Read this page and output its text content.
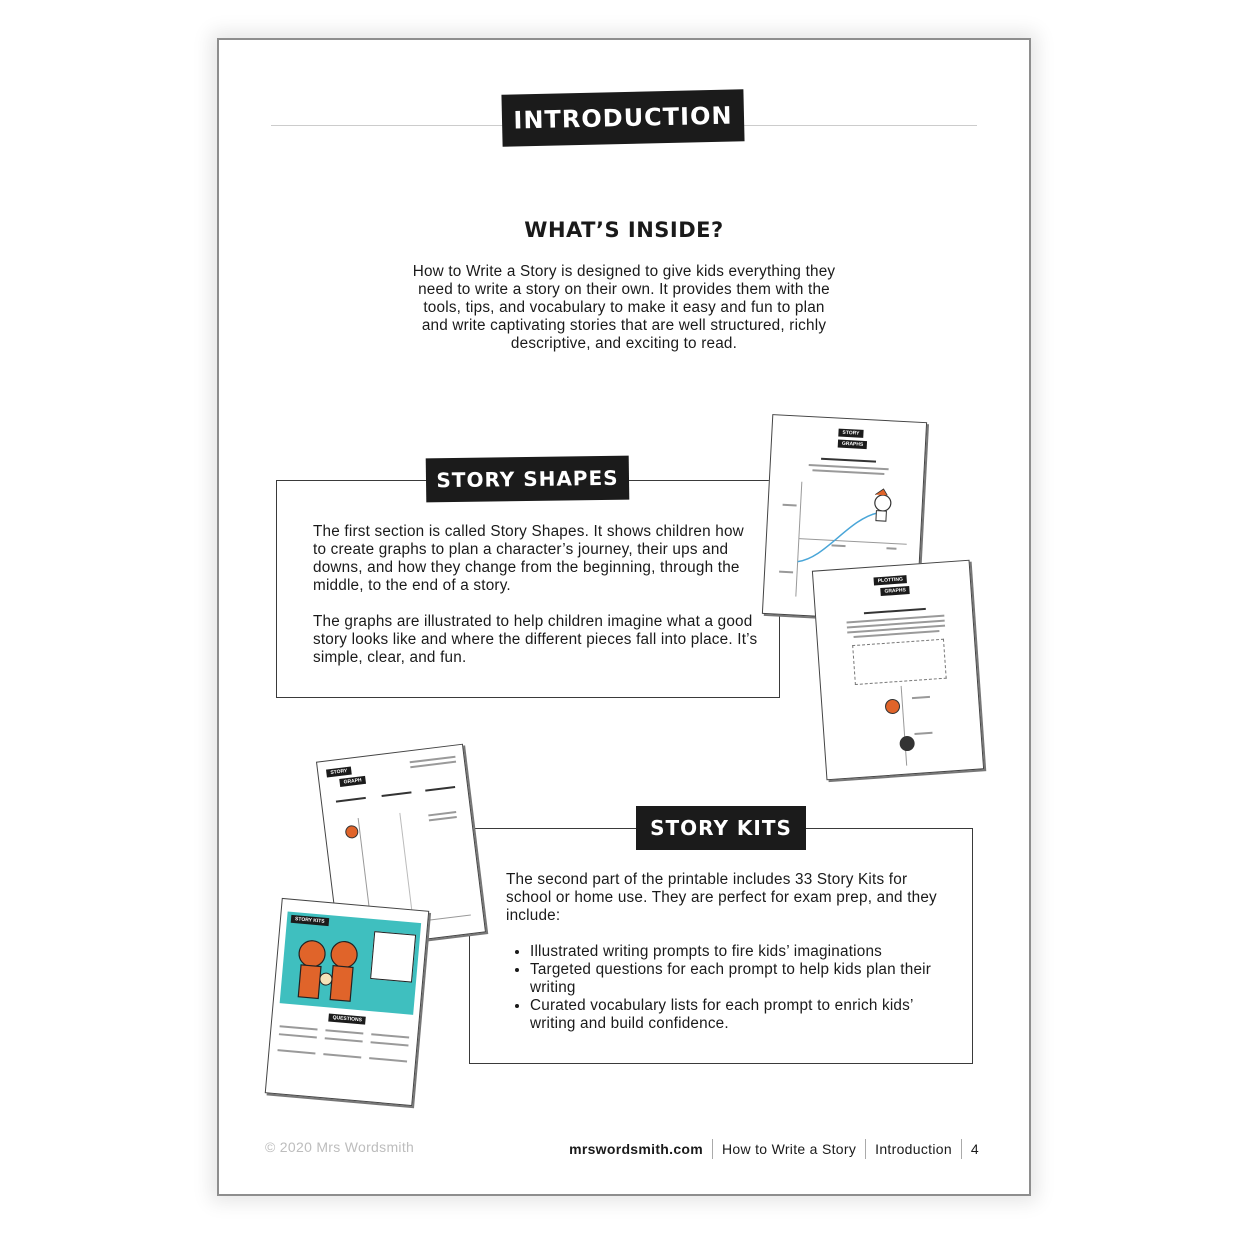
INTRODUCTION
WHAT’S INSIDE?

How to Write a Story is designed to give kids everything they need to write a story on their own. It provides them with the tools, tips, and vocabulary to make it easy and fun to plan and write captivating stories that are well structured, richly descriptive, and exciting to read.

The first section is called Story Shapes. It shows children how to create graphs to plan a character’s journey, their ups and downs, and how they change from the beginning, through the middle, to the end of a story.

The graphs are illustrated to help children imagine what a good story looks like and where the different pieces fall into place. It’s simple, clear, and fun.

STORY SHAPES
STORY
GRAPHS
PLOTTING
GRAPHS

The second part of the printable includes 33 Story Kits for school or home use. They are perfect for exam prep, and they include:

• Illustrated writing prompts to fire kids’ imaginations
• Targeted questions for each prompt to help kids plan their writing
• Curated vocabulary lists for each prompt to enrich kids’ writing and build confidence.
STORY KITS
STORY
GRAPH
STORY KITS
QUESTIONS
© 2020 Mrs Wordsmith	mrswordsmith.com How to Write a Story Introduction 4
